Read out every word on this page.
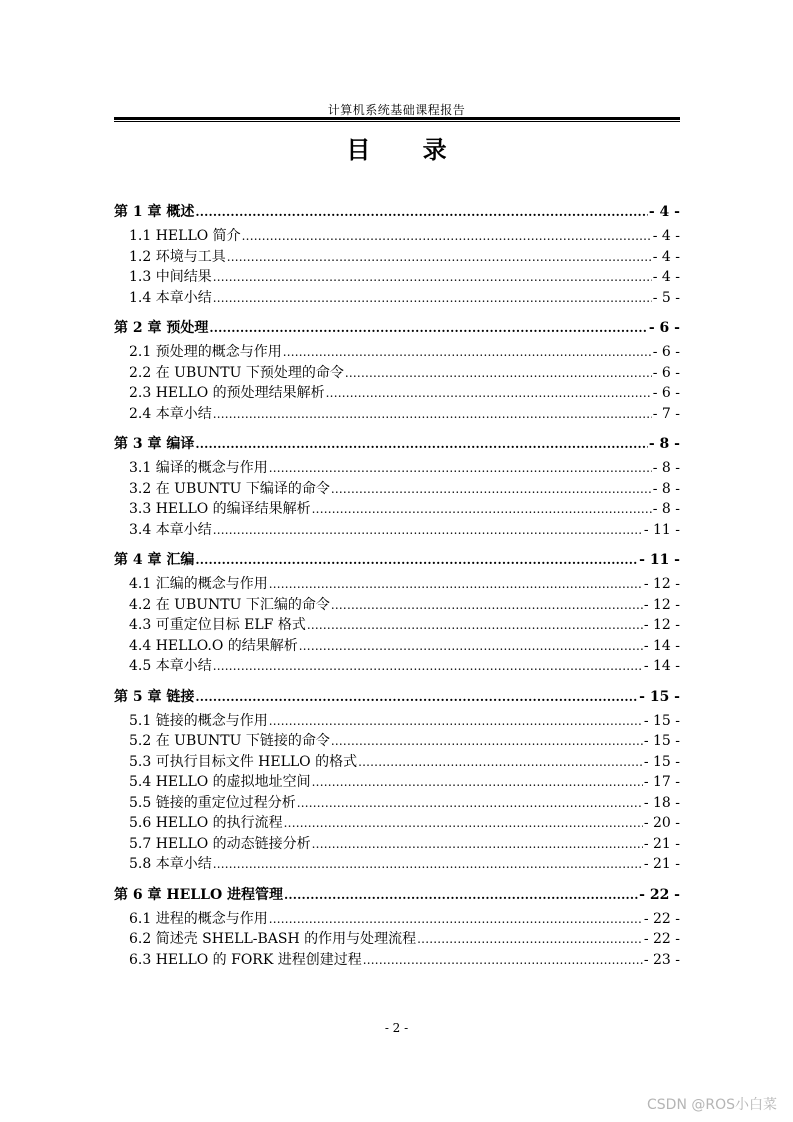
计算机系统基础课程报告
目 录
第 1 章 概述 .....	- 4 -
1.1 HELLO 简介 .....	- 4 -
1.2 环境与工具 .....	- 4 -
1.3 中间结果 .....	- 4 -
1.4 本章小结 .....	- 5 -
第 2 章 预处理 .....	- 6 -
2.1 预处理的概念与作用 .....	- 6 -
2.2 在 UBUNTU 下预处理的命令 .....	- 6 -
2.3 HELLO 的预处理结果解析 .....	- 6 -
2.4 本章小结 .....	- 7 -
第 3 章 编译 .....	- 8 -
3.1 编译的概念与作用 .....	- 8 -
3.2 在 UBUNTU 下编译的命令 .....	- 8 -
3.3 HELLO 的编译结果解析 .....	- 8 -
3.4 本章小结 .....	- 11 -
第 4 章 汇编 .....	- 11 -
4.1 汇编的概念与作用 .....	- 12 -
4.2 在 UBUNTU 下汇编的命令 .....	- 12 -
4.3 可重定位目标 ELF 格式 .....	- 12 -
4.4 HELLO.O 的结果解析 .....	- 14 -
4.5 本章小结 .....	- 14 -
第 5 章 链接 .....	- 15 -
5.1 链接的概念与作用 .....	- 15 -
5.2 在 UBUNTU 下链接的命令 .....	- 15 -
5.3 可执行目标文件 HELLO 的格式 .....	- 15 -
5.4 HELLO 的虚拟地址空间 .....	- 17 -
5.5 链接的重定位过程分析 .....	- 18 -
5.6 HELLO 的执行流程 .....	- 20 -
5.7 HELLO 的动态链接分析 .....	- 21 -
5.8 本章小结 .....	- 21 -
第 6 章 HELLO 进程管理 .....	- 22 -
6.1 进程的概念与作用 .....	- 22 -
6.2 简述壳 SHELL-BASH 的作用与处理流程 .....	- 22 -
6.3 HELLO 的 FORK 进程创建过程 .....	- 23 -
- 2 -
CSDN @ROS小白菜
